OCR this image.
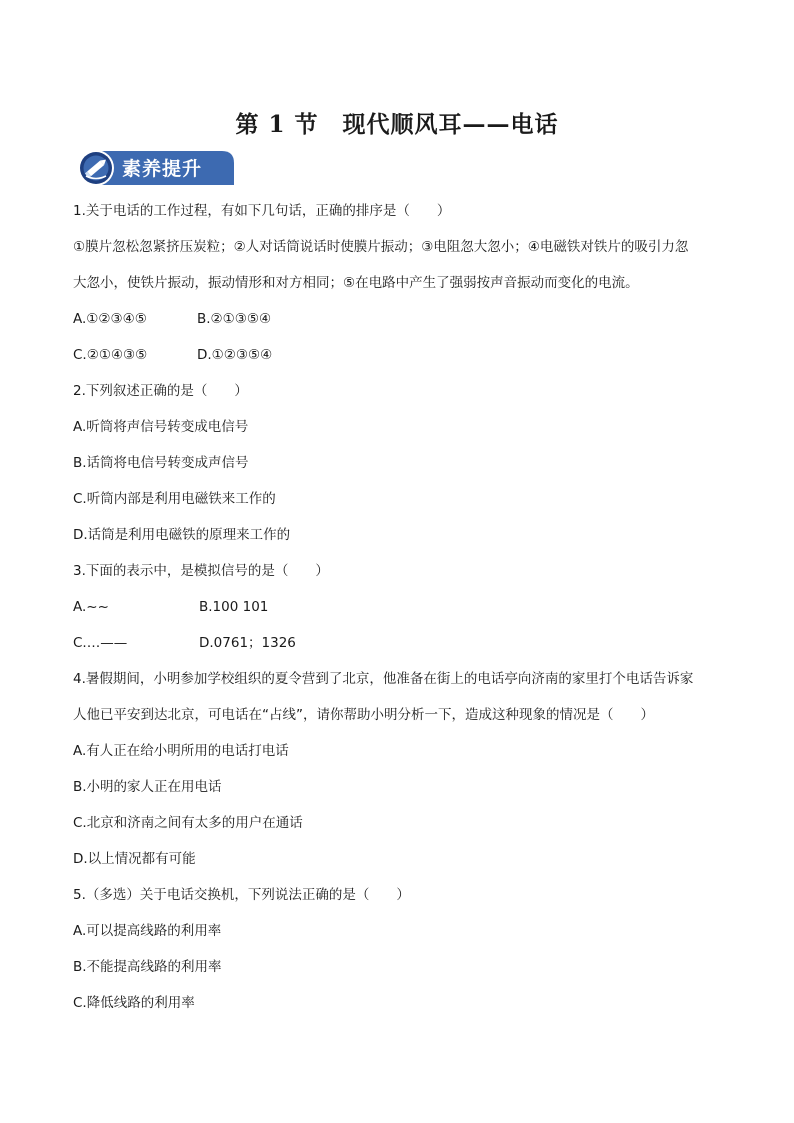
第 1 节　现代顺风耳——电话
素养提升
1.关于电话的工作过程，有如下几句话，正确的排序是（　　）
①膜片忽松忽紧挤压炭粒；②人对话筒说话时使膜片振动；③电阻忽大忽小；④电磁铁对铁片的吸引力忽
大忽小，使铁片振动，振动情形和对方相同；⑤在电路中产生了强弱按声音振动而变化的电流。
A.①②③④⑤	B.②①③⑤④
C.②①④③⑤	D.①②③⑤④
2.下列叙述正确的是（　　）
A.听筒将声信号转变成电信号
B.话筒将电信号转变成声信号
C.听筒内部是利用电磁铁来工作的
D.话筒是利用电磁铁的原理来工作的
3.下面的表示中，是模拟信号的是（　　）
A.~~	B.100 101
C.…——	D.0761；1326
4.暑假期间，小明参加学校组织的夏令营到了北京，他准备在街上的电话亭向济南的家里打个电话告诉家
人他已平安到达北京，可电话在“占线”，请你帮助小明分析一下，造成这种现象的情况是（　　）
A.有人正在给小明所用的电话打电话
B.小明的家人正在用电话
C.北京和济南之间有太多的用户在通话
D.以上情况都有可能
5.（多选）关于电话交换机，下列说法正确的是（　　）
A.可以提高线路的利用率
B.不能提高线路的利用率
C.降低线路的利用率
